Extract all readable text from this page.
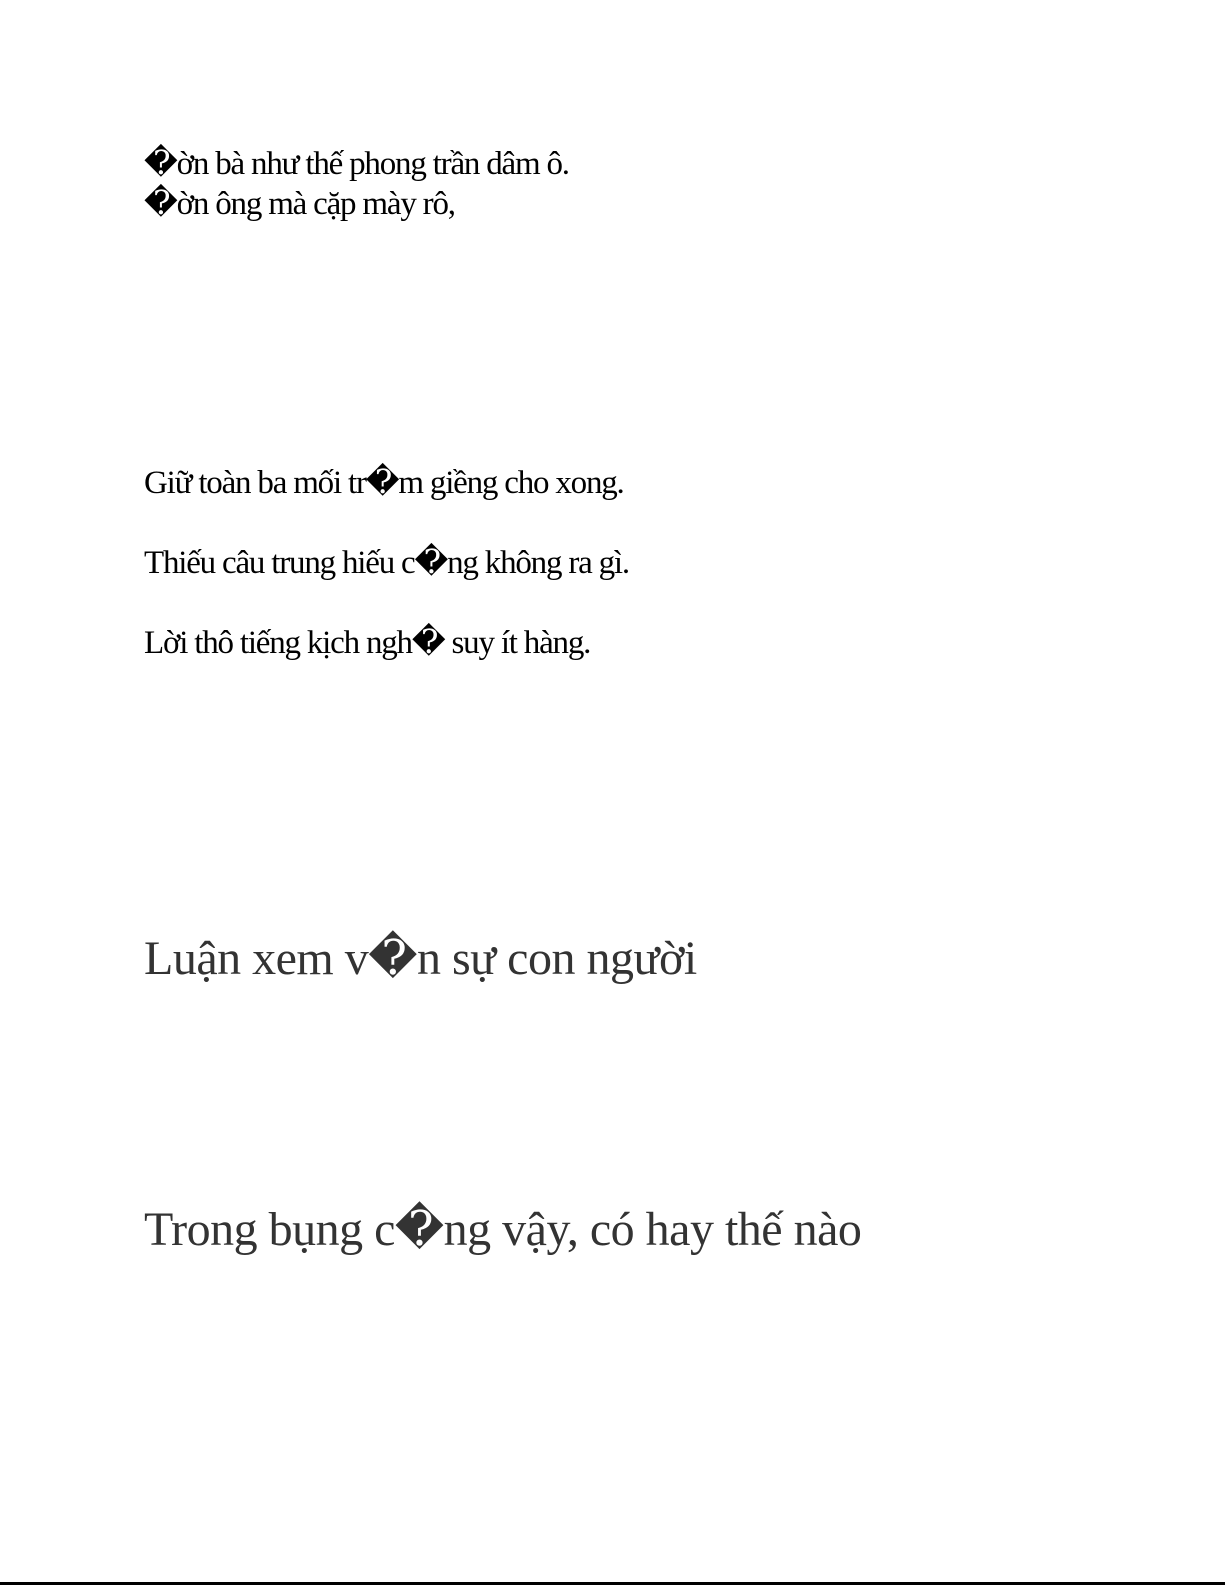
�ờn bà như thế phong trần dâm ô.
�ờn ông mà cặp mày rô,
Giữ toàn ba mối tr�m giềng cho xong.
Thiếu câu trung hiếu c�ng không ra gì.
Lời thô tiếng kịch ngh� suy ít hàng.
Luận xem v�n sự con người
Trong bụng c�ng vậy, có hay thế nào
